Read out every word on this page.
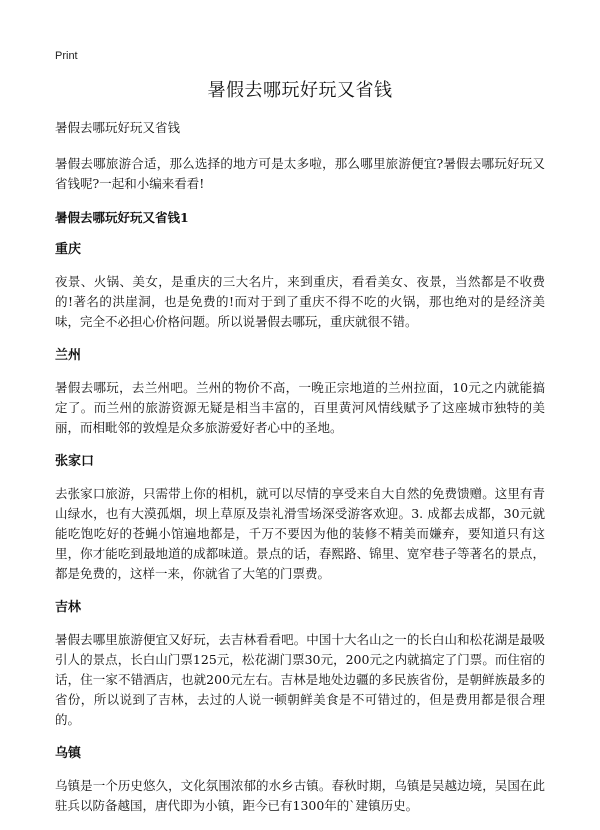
Print
暑假去哪玩好玩又省钱

暑假去哪玩好玩又省钱

暑假去哪旅游合适，那么选择的地方可是太多啦，那么哪里旅游便宜?暑假去哪玩好玩又省钱呢?一起和小编来看看!

暑假去哪玩好玩又省钱1
重庆

夜景、火锅、美女，是重庆的三大名片，来到重庆，看看美女、夜景，当然都是不收费的!著名的洪崖洞，也是免费的!而对于到了重庆不得不吃的火锅，那也绝对的是经济美味，完全不必担心价格问题。所以说暑假去哪玩，重庆就很不错。

兰州

暑假去哪玩，去兰州吧。兰州的物价不高，一晚正宗地道的兰州拉面，10元之内就能搞定了。而兰州的旅游资源无疑是相当丰富的，百里黄河风情线赋予了这座城市独特的美丽，而相毗邻的敦煌是众多旅游爱好者心中的圣地。

张家口

去张家口旅游，只需带上你的相机，就可以尽情的享受来自大自然的免费馈赠。这里有青山绿水，也有大漠孤烟，坝上草原及崇礼滑雪场深受游客欢迎。3. 成都去成都，30元就能吃饱吃好的苍蝇小馆遍地都是，千万不要因为他的装修不精美而嫌弃，要知道只有这里，你才能吃到最地道的成都味道。景点的话，春熙路、锦里、宽窄巷子等著名的景点，都是免费的，这样一来，你就省了大笔的门票费。

吉林

暑假去哪里旅游便宜又好玩，去吉林看看吧。中国十大名山之一的长白山和松花湖是最吸引人的景点，长白山门票125元，松花湖门票30元，200元之内就搞定了门票。而住宿的话，住一家不错酒店，也就200元左右。吉林是地处边疆的多民族省份，是朝鲜族最多的省份，所以说到了吉林，去过的人说一顿朝鲜美食是不可错过的，但是费用都是很合理的。

乌镇

乌镇是一个历史悠久，文化氛围浓郁的水乡古镇。春秋时期，乌镇是吴越边境，吴国在此驻兵以防备越国，唐代即为小镇，距今已有1300年的`建镇历史。
